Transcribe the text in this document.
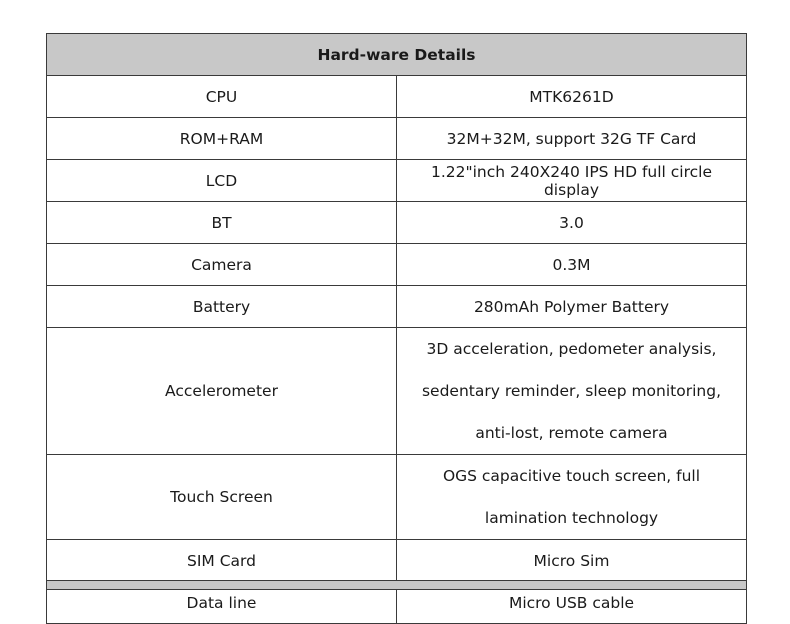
Hard-ware Details	
CPU	MTK6261D
ROM+RAM	32M+32M, support 32G TF Card
LCD	1.22"inch 240X240 IPS HD full circle display
BT	3.0
Camera	0.3M
Battery	280mAh Polymer Battery
Accelerometer	3D acceleration, pedometer analysis, sedentary reminder, sleep monitoring, anti-lost, remote camera
Touch Screen	OGS capacitive touch screen, full lamination technology
SIM Card	Micro Sim
Data line	Micro USB cable
